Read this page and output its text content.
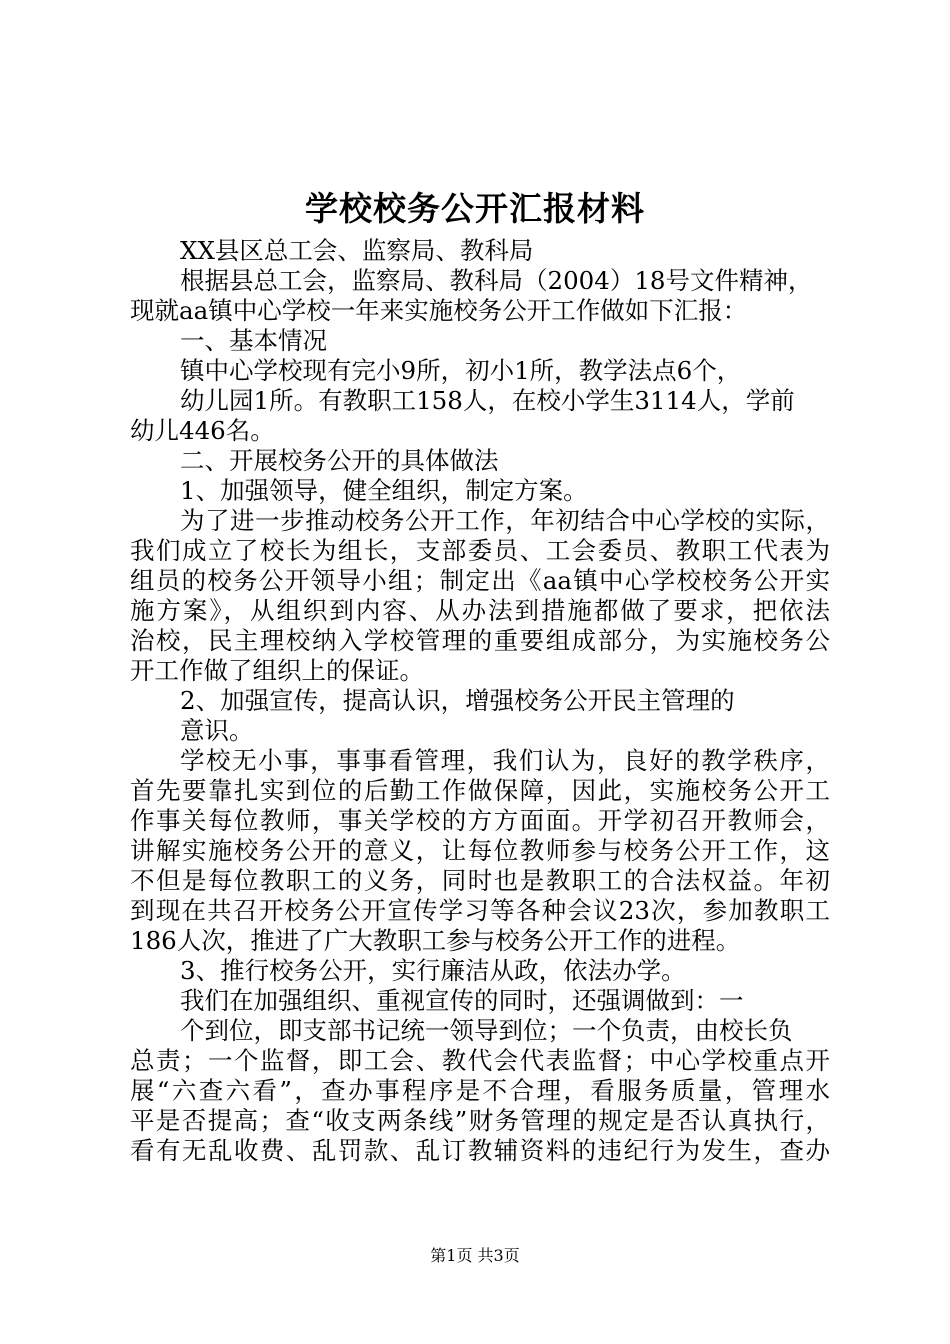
学校校务公开汇报材料
XX县区总工会、监察局、教科局
根据县总工会，监察局、教科局（2004）18号文件精神，
现就aa镇中心学校一年来实施校务公开工作做如下汇报：
一、基本情况
镇中心学校现有完小9所，初小1所，教学法点6个，
幼儿园1所。有教职工158人，在校小学生3114人，学前
幼儿446名。
二、开展校务公开的具体做法
1、加强领导，健全组织，制定方案。
为了进一步推动校务公开工作，年初结合中心学校的实际，
我们成立了校长为组长，支部委员、工会委员、教职工代表为
组员的校务公开领导小组；制定出《aa镇中心学校校务公开实
施方案》，从组织到内容、从办法到措施都做了要求，把依法
治校，民主理校纳入学校管理的重要组成部分，为实施校务公
开工作做了组织上的保证。
2、加强宣传，提高认识，增强校务公开民主管理的
意识。
学校无小事，事事看管理，我们认为，良好的教学秩序，
首先要靠扎实到位的后勤工作做保障，因此，实施校务公开工
作事关每位教师，事关学校的方方面面。开学初召开教师会，
讲解实施校务公开的意义，让每位教师参与校务公开工作，这
不但是每位教职工的义务，同时也是教职工的合法权益。年初
到现在共召开校务公开宣传学习等各种会议23次，参加教职工
186人次，推进了广大教职工参与校务公开工作的进程。
3、推行校务公开，实行廉洁从政，依法办学。
我们在加强组织、重视宣传的同时，还强调做到：一
个到位，即支部书记统一领导到位；一个负责，由校长负
总责；一个监督，即工会、教代会代表监督；中心学校重点开
展“六查六看”，查办事程序是不合理，看服务质量，管理水
平是否提高；查“收支两条线”财务管理的规定是否认真执行，
看有无乱收费、乱罚款、乱订教辅资料的违纪行为发生，查办
第1页 共3页
